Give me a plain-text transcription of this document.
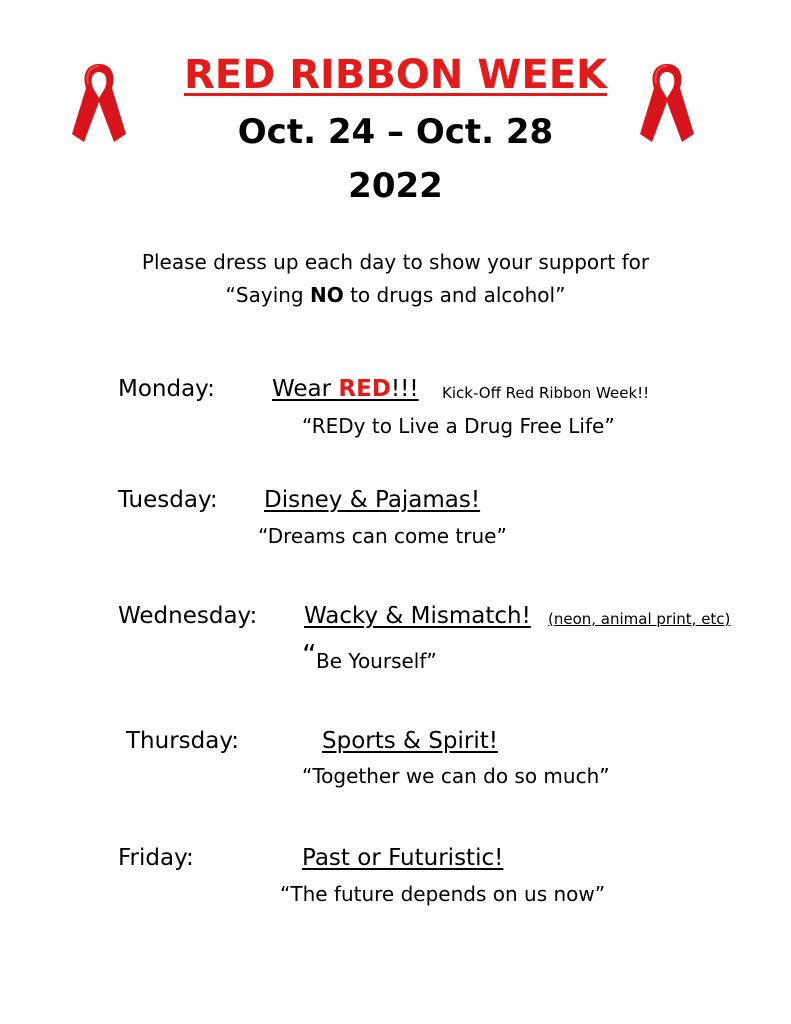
RED RIBBON WEEK
Oct. 24 – Oct. 28
2022
Please dress up each day to show your support for
“Saying NO to drugs and alcohol”
Monday: Wear RED!!! Kick-Off Red Ribbon Week!!
“REDy to Live a Drug Free Life”
Tuesday: Disney & Pajamas!
“Dreams can come true”
Wednesday: Wacky & Mismatch! (neon, animal print, etc)
“ Be Yourself”
Thursday:	Sports & Spirit!
“Together we can do so much”
Friday:	Past or Futuristic!
“The future depends on us now”
